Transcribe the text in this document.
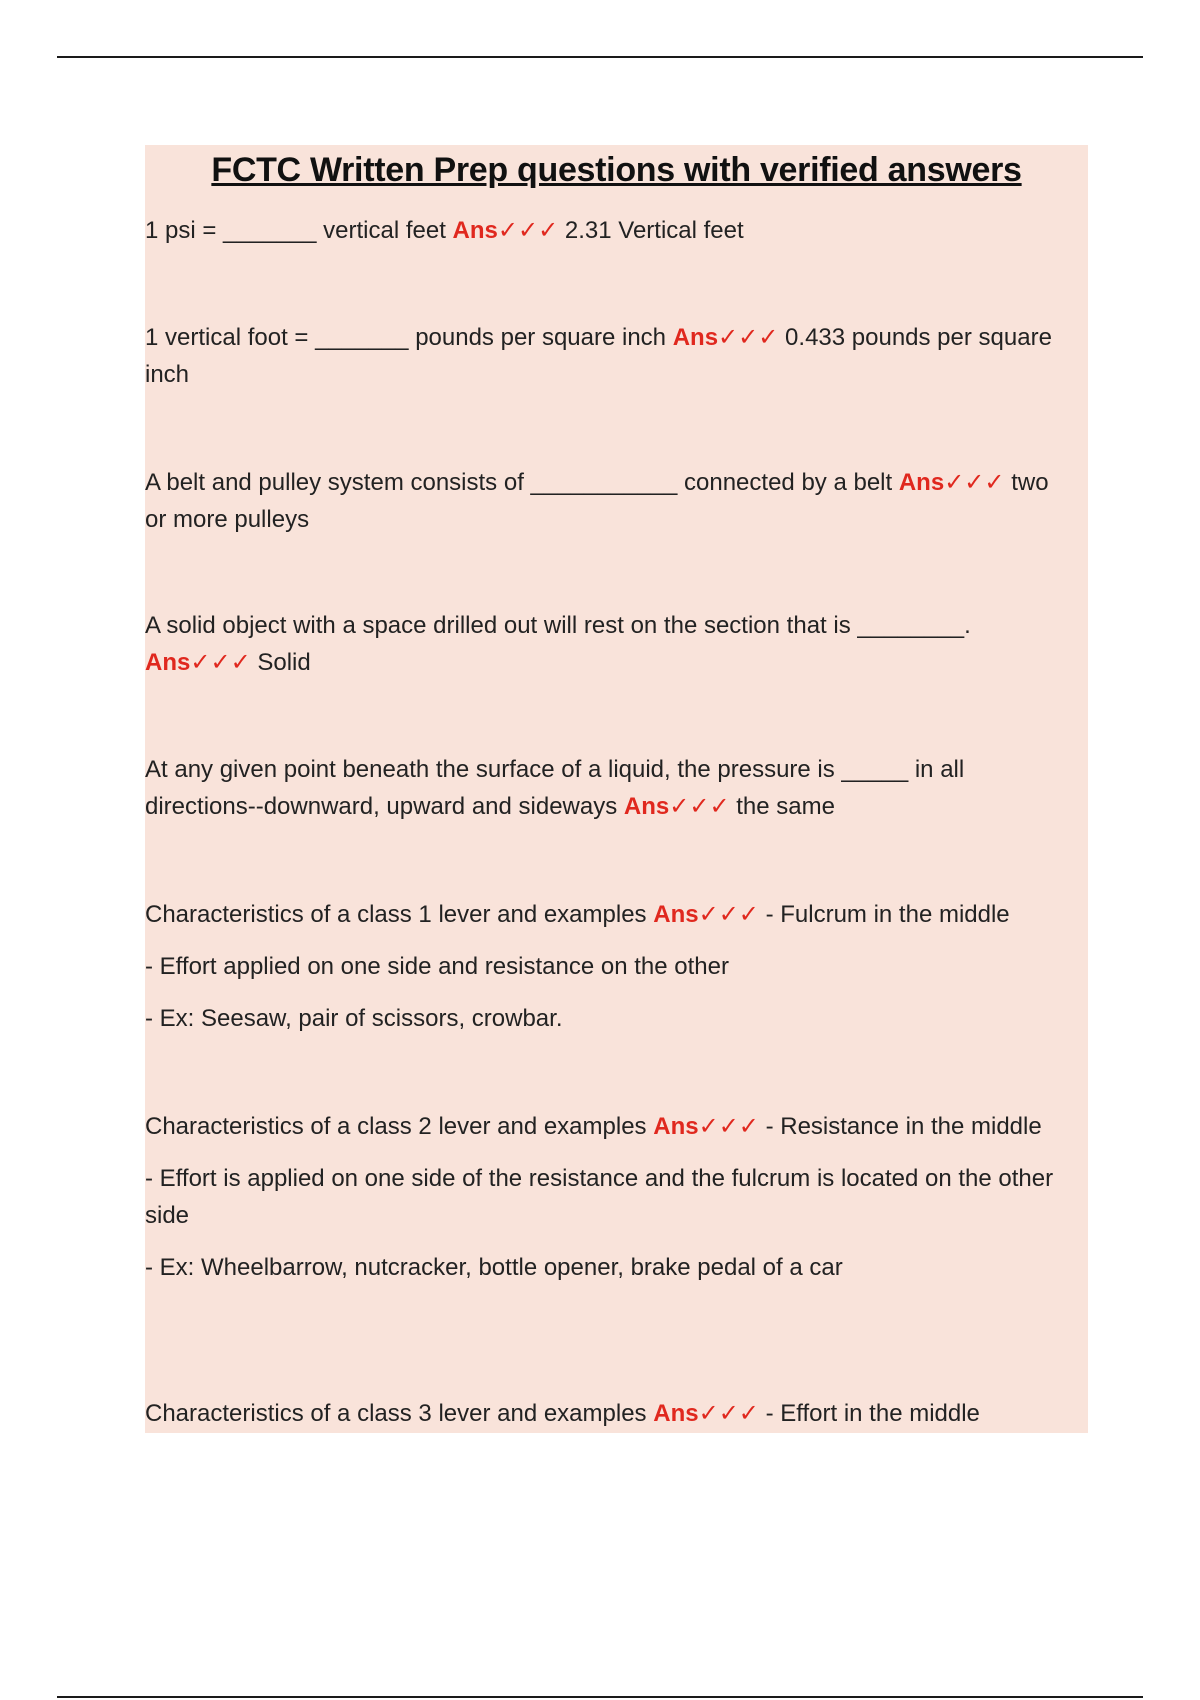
FCTC Written Prep questions with verified answers
1 psi = _______ vertical feet Ans✓✓✓ 2.31 Vertical feet
1 vertical foot = _______ pounds per square inch Ans✓✓✓ 0.433 pounds per square inch
A belt and pulley system consists of ___________ connected by a belt Ans✓✓✓ two or more pulleys
A solid object with a space drilled out will rest on the section that is ________. Ans✓✓✓ Solid
At any given point beneath the surface of a liquid, the pressure is _____ in all directions--downward, upward and sideways Ans✓✓✓ the same
Characteristics of a class 1 lever and examples Ans✓✓✓ - Fulcrum in the middle
- Effort applied on one side and resistance on the other
- Ex: Seesaw, pair of scissors, crowbar.
Characteristics of a class 2 lever and examples Ans✓✓✓ - Resistance in the middle
- Effort is applied on one side of the resistance and the fulcrum is located on the other side
- Ex: Wheelbarrow, nutcracker, bottle opener, brake pedal of a car
Characteristics of a class 3 lever and examples Ans✓✓✓ - Effort in the middle
